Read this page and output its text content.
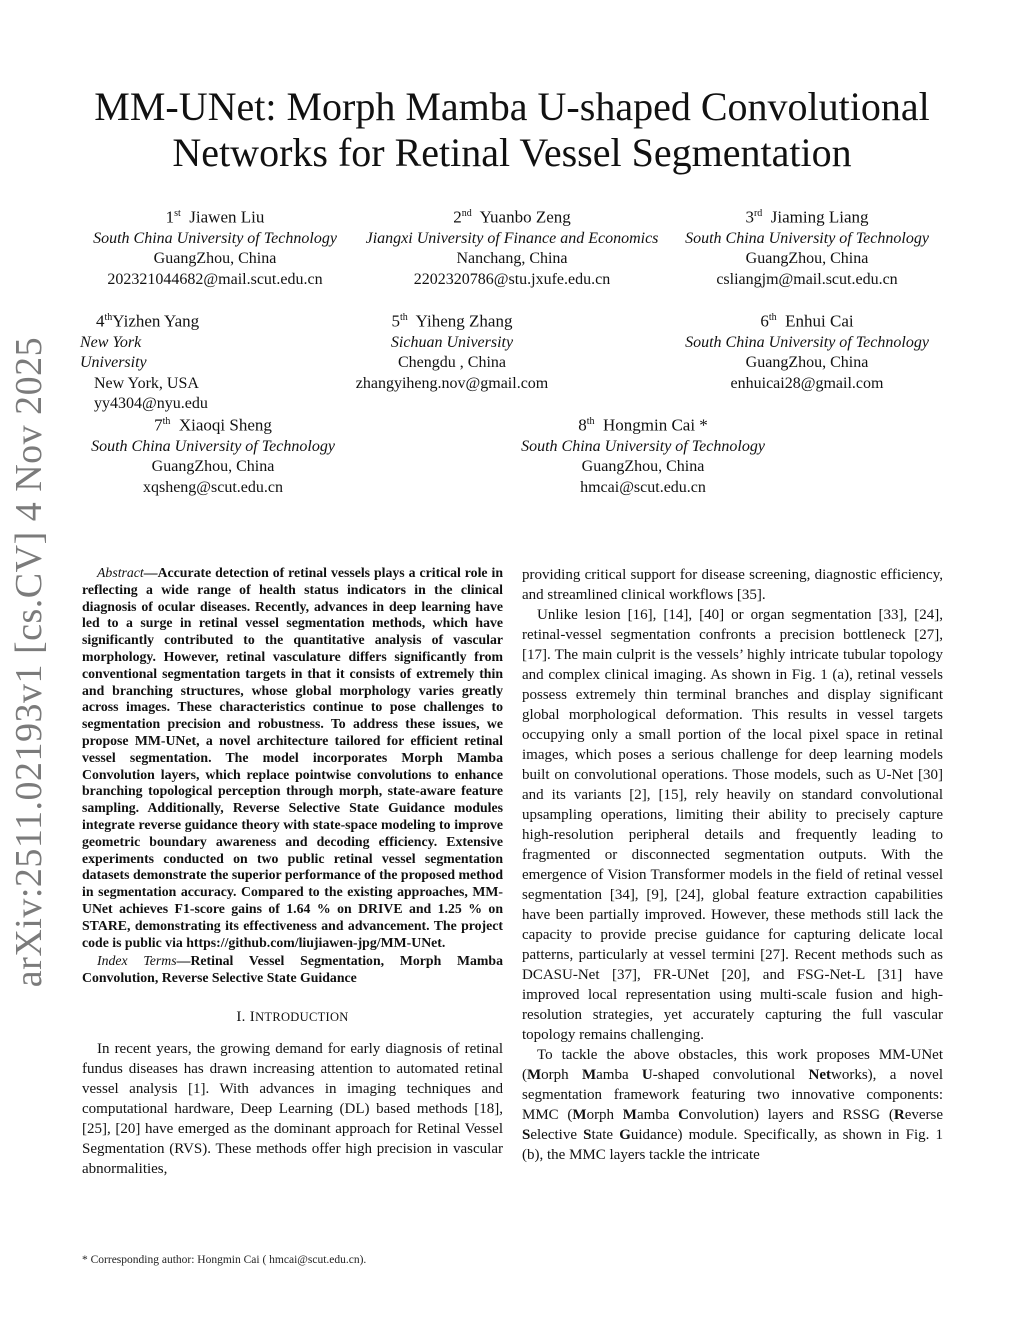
arXiv:2511.02193v1 [cs.CV] 4 Nov 2025
MM-UNet: Morph Mamba U-shaped Convolutional Networks for Retinal Vessel Segmentation
1st Jiawen Liu
South China University of Technology
GuangZhou, China
202321044682@mail.scut.edu.cn
2nd Yuanbo Zeng
Jiangxi University of Finance and Economics
Nanchang, China
2202320786@stu.jxufe.edu.cn
3rd Jiaming Liang
South China University of Technology
GuangZhou, China
csliangjm@mail.scut.edu.cn
4thYizhen Yang
New York University
New York, USA
yy4304@nyu.edu
5th Yiheng Zhang
Sichuan University
Chengdu , China
zhangyiheng.nov@gmail.com
6th Enhui Cai
South China University of Technology
GuangZhou, China
enhuicai28@gmail.com
7th Xiaoqi Sheng
South China University of Technology
GuangZhou, China
xqsheng@scut.edu.cn
8th Hongmin Cai *
South China University of Technology
GuangZhou, China
hmcai@scut.edu.cn

Abstract—Accurate detection of retinal vessels plays a critical role in reflecting a wide range of health status indicators in the clinical diagnosis of ocular diseases. Recently, advances in deep learning have led to a surge in retinal vessel segmentation methods, which have significantly contributed to the quantitative analysis of vascular morphology. However, retinal vasculature differs significantly from conventional segmentation targets in that it consists of extremely thin and branching structures, whose global morphology varies greatly across images. These characteristics continue to pose challenges to segmentation precision and robustness. To address these issues, we propose MM-UNet, a novel architecture tailored for efficient retinal vessel segmentation. The model incorporates Morph Mamba Convolution layers, which replace pointwise convolutions to enhance branching topological perception through morph, state-aware feature sampling. Additionally, Reverse Selective State Guidance modules integrate reverse guidance theory with state-space modeling to improve geometric boundary awareness and decoding efficiency. Extensive experiments conducted on two public retinal vessel segmentation datasets demonstrate the superior performance of the proposed method in segmentation accuracy. Compared to the existing approaches, MM-UNet achieves F1-score gains of 1.64 % on DRIVE and 1.25 % on STARE, demonstrating its effectiveness and advancement. The project code is public via https://github.com/liujiawen-jpg/MM-UNet.

Index Terms—Retinal Vessel Segmentation, Morph Mamba Convolution, Reverse Selective State Guidance

I. INTRODUCTION

In recent years, the growing demand for early diagnosis of retinal fundus diseases has drawn increasing attention to automated retinal vessel analysis [1]. With advances in imaging techniques and computational hardware, Deep Learning (DL) based methods [18], [25], [20] have emerged as the dominant approach for Retinal Vessel Segmentation (RVS). These methods offer high precision in vascular abnormalities,

providing critical support for disease screening, diagnostic efficiency, and streamlined clinical workflows [35].

Unlike lesion [16], [14], [40] or organ segmentation [33], [24], retinal-vessel segmentation confronts a precision bottleneck [27], [17]. The main culprit is the vessels’ highly intricate tubular topology and complex clinical imaging. As shown in Fig. 1 (a), retinal vessels possess extremely thin terminal branches and display significant global morphological deformation. This results in vessel targets occupying only a small portion of the local pixel space in retinal images, which poses a serious challenge for deep learning models built on convolutional operations. Those models, such as U-Net [30] and its variants [2], [15], rely heavily on standard convolutional upsampling operations, limiting their ability to precisely capture high-resolution peripheral details and frequently leading to fragmented or disconnected segmentation outputs. With the emergence of Vision Transformer models in the field of retinal vessel segmentation [34], [9], [24], global feature extraction capabilities have been partially improved. However, these methods still lack the capacity to provide precise guidance for capturing delicate local patterns, particularly at vessel termini [27]. Recent methods such as DCASU-Net [37], FR-UNet [20], and FSG-Net-L [31] have improved local representation using multi-scale fusion and high-resolution strategies, yet accurately capturing the full vascular topology remains challenging.

To tackle the above obstacles, this work proposes MM-UNet (Morph Mamba U-shaped convolutional Networks), a novel segmentation framework featuring two innovative components: MMC (Morph Mamba Convolution) layers and RSSG (Reverse Selective State Guidance) module. Specifically, as shown in Fig. 1 (b), the MMC layers tackle the intricate

* Corresponding author: Hongmin Cai ( hmcai@scut.edu.cn).
